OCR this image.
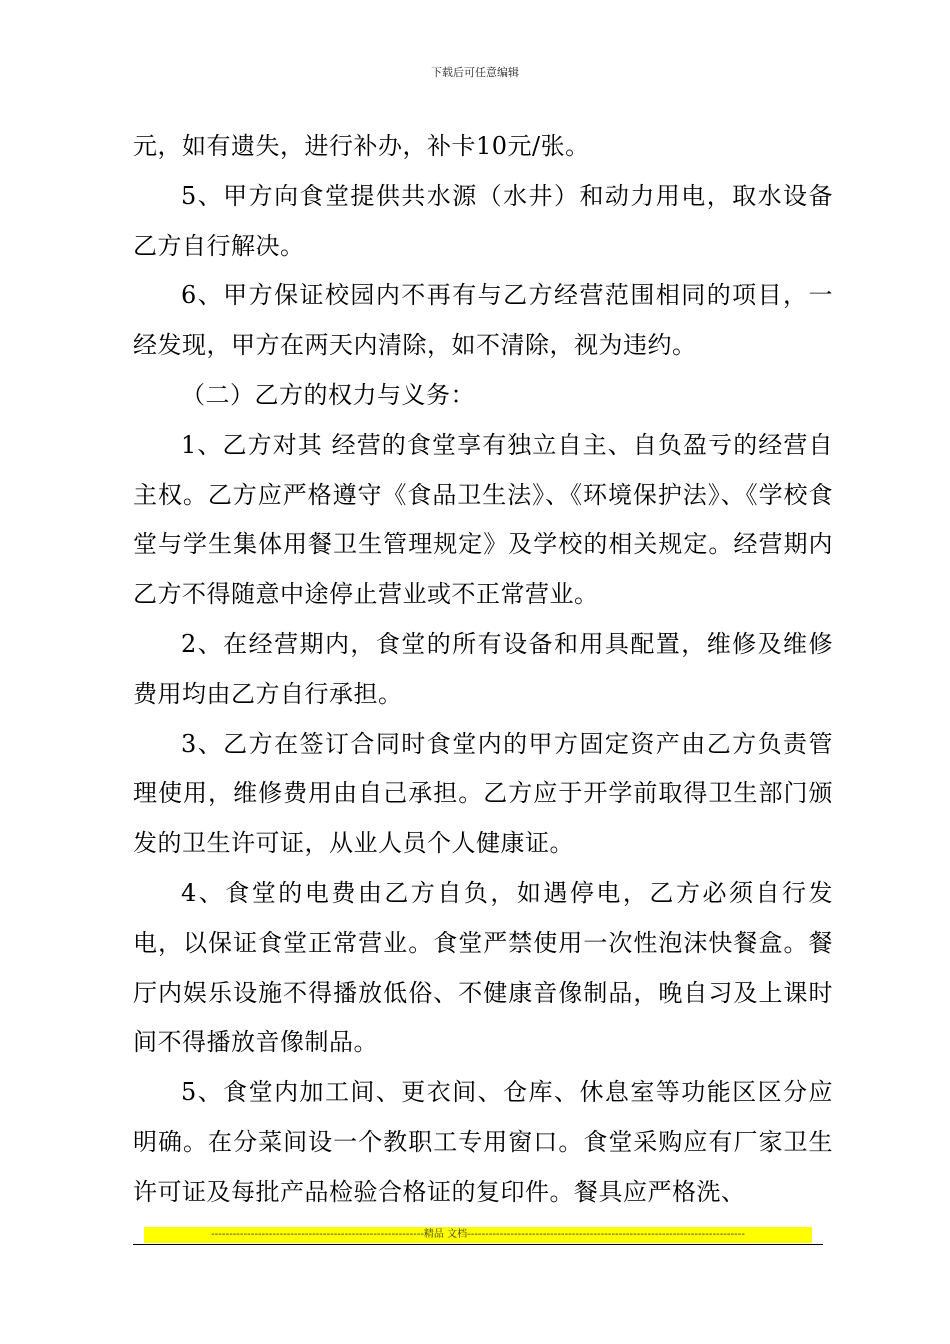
下载后可任意编辑

元，如有遗失，进行补办，补卡10元/张。

5、甲方向食堂提供共水源（水井）和动力用电，取水设备乙方自行解决。

6、甲方保证校园内不再有与乙方经营范围相同的项目，一经发现，甲方在两天内清除，如不清除，视为违约。

（二）乙方的权力与义务：

1、乙方对其 经营的食堂享有独立自主、自负盈亏的经营自主权。乙方应严格遵守《食品卫生法》、《环境保护法》、《学校食堂与学生集体用餐卫生管理规定》及学校的相关规定。经营期内乙方不得随意中途停止营业或不正常营业。

2、在经营期内，食堂的所有设备和用具配置，维修及维修费用均由乙方自行承担。

3、乙方在签订合同时食堂内的甲方固定资产由乙方负责管理使用，维修费用由自己承担。乙方应于开学前取得卫生部门颁发的卫生许可证，从业人员个人健康证。

4、食堂的电费由乙方自负，如遇停电，乙方必须自行发电，以保证食堂正常营业。食堂严禁使用一次性泡沫快餐盒。餐厅内娱乐设施不得播放低俗、不健康音像制品，晚自习及上课时间不得播放音像制品。

5、食堂内加工间、更衣间、仓库、休息室等功能区区分应明确。在分菜间设一个教职工专用窗口。食堂采购应有厂家卫生许可证及每批产品检验合格证的复印件。餐具应严格洗、

-----------------------------------------------------------精品 文档-----------------------------------------------------------------------------
